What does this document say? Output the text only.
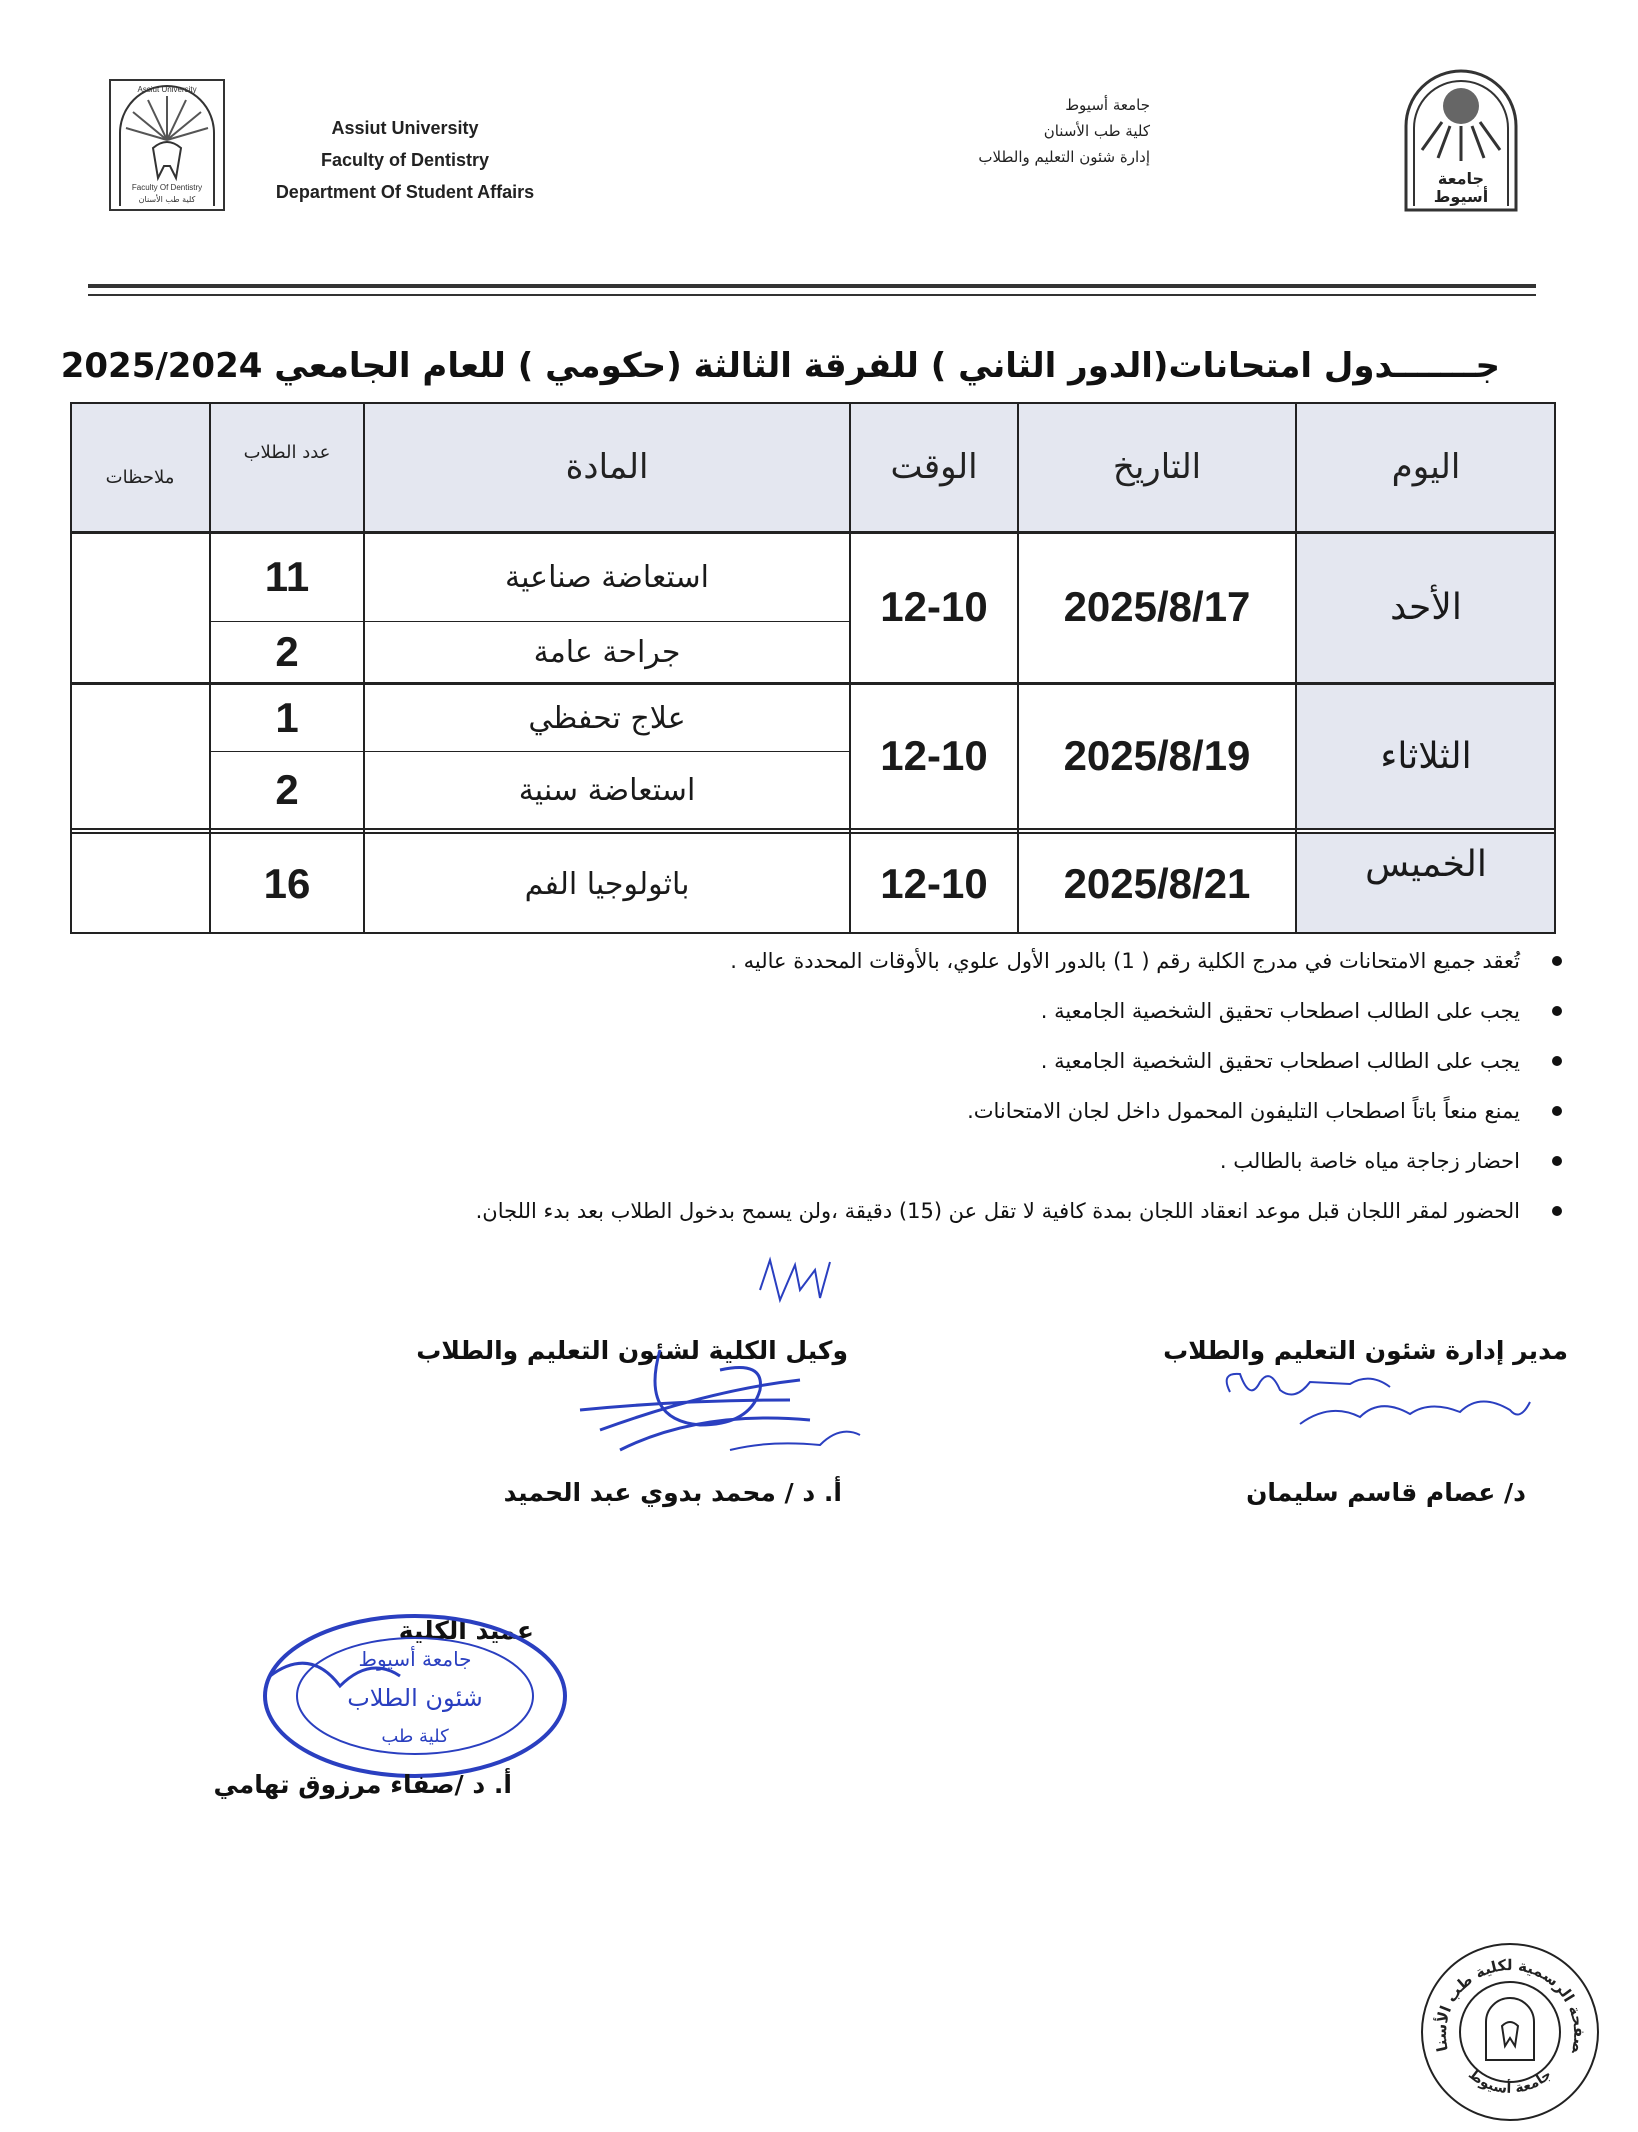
Assiut University
Faculty Of Dentistry
كلية طب الأسنان
Assiut University
Faculty of Dentistry
Department Of Student Affairs
جامعة أسيوط
كلية طب الأسنان
إدارة شئون التعليم والطلاب
جامعة
أسيوط
جـــــــدول امتحانات(الدور الثاني ) للفرقة الثالثة (حكومي ) للعام الجامعي 2025/2024
اليوم
التاريخ
الوقت
المادة
عدد الطلاب
ملاحظات
الأحد
2025/8/17
12-10
استعاضة صناعية
جراحة عامة
11
2
الثلاثاء
2025/8/19
12-10
علاج تحفظي
استعاضة سنية
1
2
الخميس
2025/8/21
12-10
باثولوجيا الفم
16
تُعقد جميع الامتحانات في مدرج الكلية رقم ( 1) بالدور الأول علوي، بالأوقات المحددة عاليه .
يجب على الطالب اصطحاب تحقيق الشخصية الجامعية .
يجب على الطالب اصطحاب تحقيق الشخصية الجامعية .
يمنع منعاً باتاً اصطحاب التليفون المحمول داخل لجان الامتحانات.
احضار زجاجة مياه خاصة بالطالب .
الحضور لمقر اللجان قبل موعد انعقاد اللجان بمدة كافية لا تقل عن (15) دقيقة ،ولن يسمح بدخول الطلاب بعد بدء اللجان.
مدير إدارة شئون التعليم والطلاب
د/ عصام قاسم سليمان
وكيل الكلية لشئون التعليم والطلاب
أ. د / محمد بدوي عبد الحميد
عميد الكلية
جامعة أسيوط
شئون الطلاب
كلية طب
أ. د /صفاء مرزوق تهامي
صفحة الرسمية لكلية طب الأسنان
جامعة أسيوط
